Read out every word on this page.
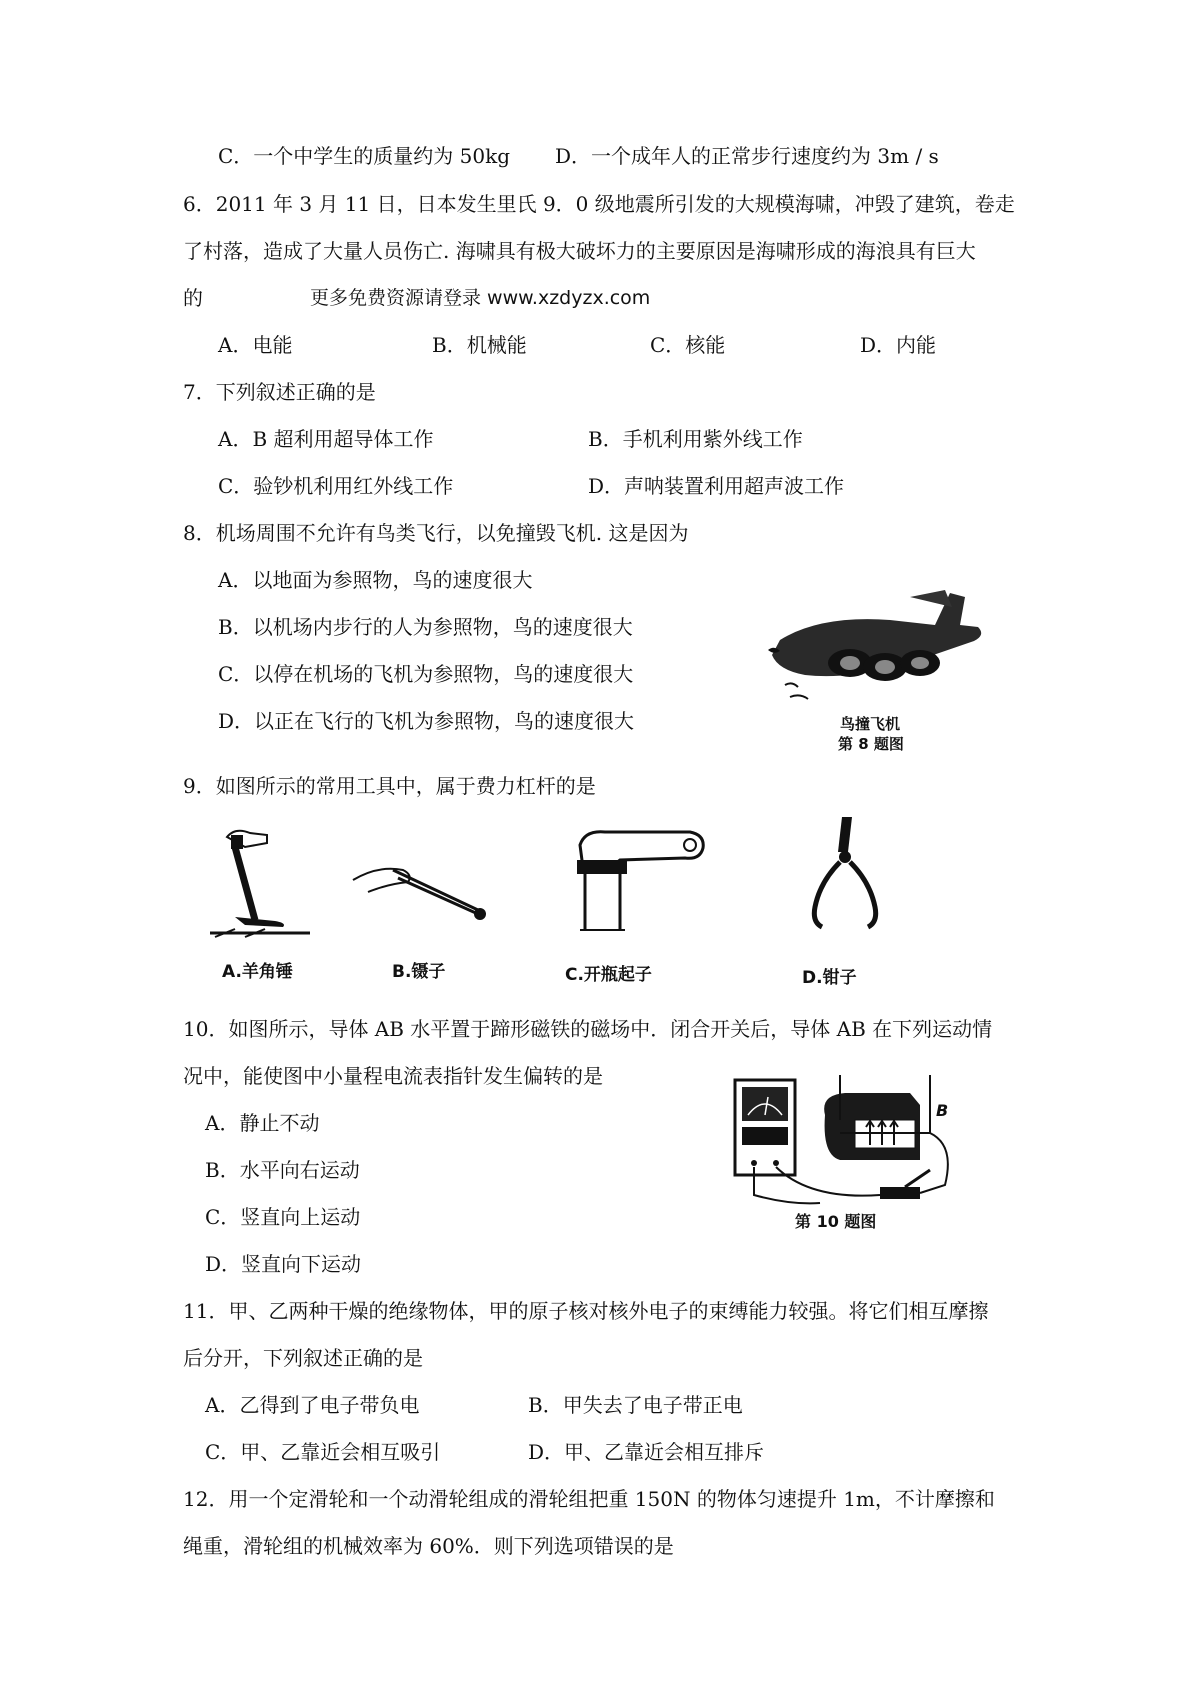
C．一个中学生的质量约为 50kg D．一个成年人的正常步行速度约为 3m / s
6．2011 年 3 月 11 日，日本发生里氏 9．0 级地震所引发的大规模海啸，冲毁了建筑，卷走
了村落，造成了大量人员伤亡. 海啸具有极大破坏力的主要原因是海啸形成的海浪具有巨大
的	更多免费资源请登录 www.xzdyzx.com
A．电能	B．机械能	C．核能	D．内能
7．下列叙述正确的是
A．B 超利用超导体工作	B．手机利用紫外线工作
C．验钞机利用红外线工作	D．声呐装置利用超声波工作
8．机场周围不允许有鸟类飞行，以免撞毁飞机. 这是因为
A．以地面为参照物，鸟的速度很大
B．以机场内步行的人为参照物，鸟的速度很大
C．以停在机场的飞机为参照物，鸟的速度很大
D．以正在飞行的飞机为参照物，鸟的速度很大	鸟撞飞机
第 8 题图
9．如图所示的常用工具中，属于费力杠杆的是
A.羊角锤	B.镊子	C.开瓶起子	D.钳子
10．如图所示，导体 AB 水平置于蹄形磁铁的磁场中．闭合开关后，导体 AB 在下列运动情
况中，能使图中小量程电流表指针发生偏转的是
A．静止不动
B．水平向右运动
C．竖直向上运动
D．竖直向下运动
B
第 10 题图
11．甲、乙两种干燥的绝缘物体，甲的原子核对核外电子的束缚能力较强。将它们相互摩擦
后分开，下列叙述正确的是
A．乙得到了电子带负电	B．甲失去了电子带正电
C．甲、乙靠近会相互吸引	D．甲、乙靠近会相互排斥
12．用一个定滑轮和一个动滑轮组成的滑轮组把重 150N 的物体匀速提升 1m，不计摩擦和
绳重，滑轮组的机械效率为 60%．则下列选项错误的是
